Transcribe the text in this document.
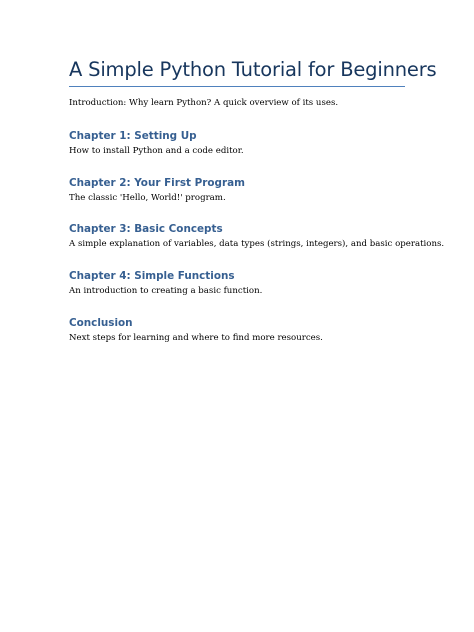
A Simple Python Tutorial for Beginners
Introduction: Why learn Python? A quick overview of its uses.
Chapter 1: Setting Up
How to install Python and a code editor.
Chapter 2: Your First Program
The classic 'Hello, World!' program.
Chapter 3: Basic Concepts
A simple explanation of variables, data types (strings, integers), and basic operations.
Chapter 4: Simple Functions
An introduction to creating a basic function.
Conclusion
Next steps for learning and where to find more resources.
